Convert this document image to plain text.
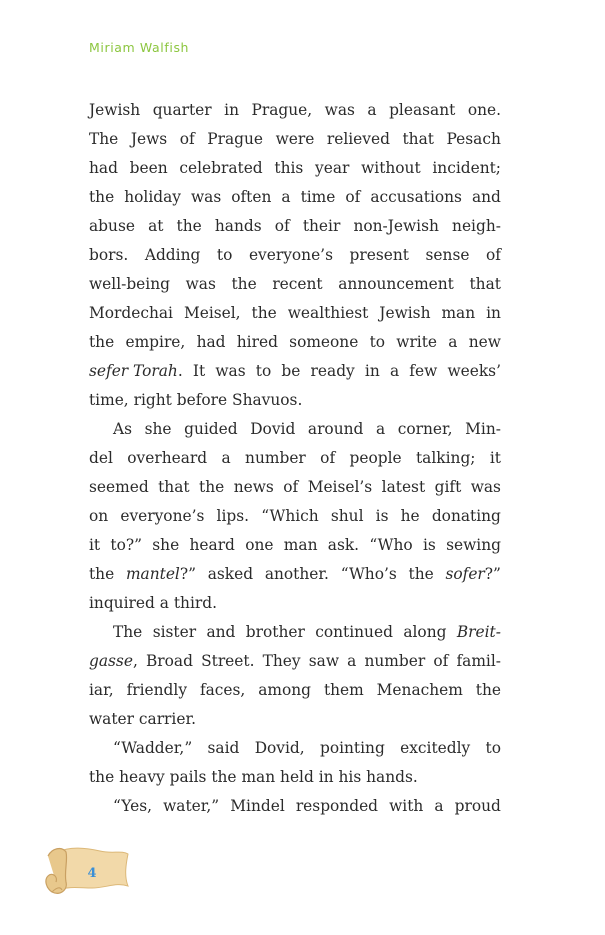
Miriam Walfish
Jewish quarter in Prague, was a pleasant one.
The Jews of Prague were relieved that Pesach
had been celebrated this year without incident;
the holiday was often a time of accusations and
abuse at the hands of their non-Jewish neigh-
bors. Adding to everyone’s present sense of
well-being was the recent announcement that
Mordechai Meisel, the wealthiest Jewish man in
the empire, had hired someone to write a new
sefer Torah. It was to be ready in a few weeks’
time,
right
before
Shavuos.
As she guided Dovid around a corner, Min-
del overheard a number of people talking; it
seemed that the news of Meisel’s latest gift was
on everyone’s lips. “Which shul is he donating
it to?” she heard one man ask. “Who is sewing
the mantel?” asked another. “Who’s the sofer?”
inquired
a
third.
The sister and brother continued along Breit-
gasse, Broad Street. They saw a number of famil-
iar, friendly faces, among them Menachem the
water
carrier.
“Wadder,” said Dovid, pointing excitedly to
the
heavy
pails
the
man
held
in
his
hands.
“Yes, water,” Mindel responded with a proud
4
